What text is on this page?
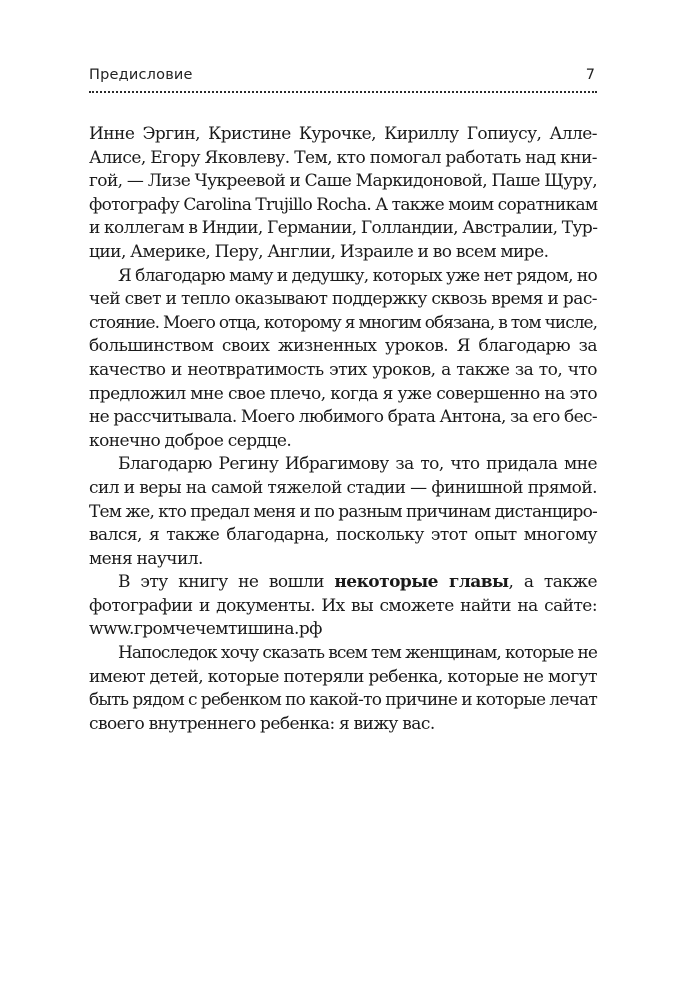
Предисловие	7
Инне Эргин, Кристине Курочке, Кириллу Гопиусу, Алле-
Алисе, Егору Яковлеву. Тем, кто помогал работать над кни-
гой, — Лизе Чукреевой и Саше Маркидоновой, Паше Щуру,
фотографу Carolina Trujillo Rocha. А также моим соратникам
и коллегам в Индии, Германии, Голландии, Австралии, Тур-
ции, Америке, Перу, Англии, Израиле и во всем мире.
Я благодарю маму и дедушку, которых уже нет рядом, но
чей свет и тепло оказывают поддержку сквозь время и рас-
стояние. Моего отца, которому я многим обязана, в том числе,
большинством своих жизненных уроков. Я благодарю за
качество и неотвратимость этих уроков, а также за то, что
предложил мне свое плечо, когда я уже совершенно на это
не рассчитывала. Моего любимого брата Антона, за его бес-
конечно доброе сердце.
Благодарю Регину Ибрагимову за то, что придала мне
сил и веры на самой тяжелой стадии — финишной прямой.
Тем же, кто предал меня и по разным причинам дистанциро-
вался, я также благодарна, поскольку этот опыт многому
меня научил.
В эту книгу не вошли некоторые главы, а также
фотографии и документы. Их вы сможете найти на сайте:
www.громчечемтишина.рф
Напоследок хочу сказать всем тем женщинам, которые не
имеют детей, которые потеряли ребенка, которые не могут
быть рядом с ребенком по какой-то причине и которые лечат
своего внутреннего ребенка: я вижу вас.
